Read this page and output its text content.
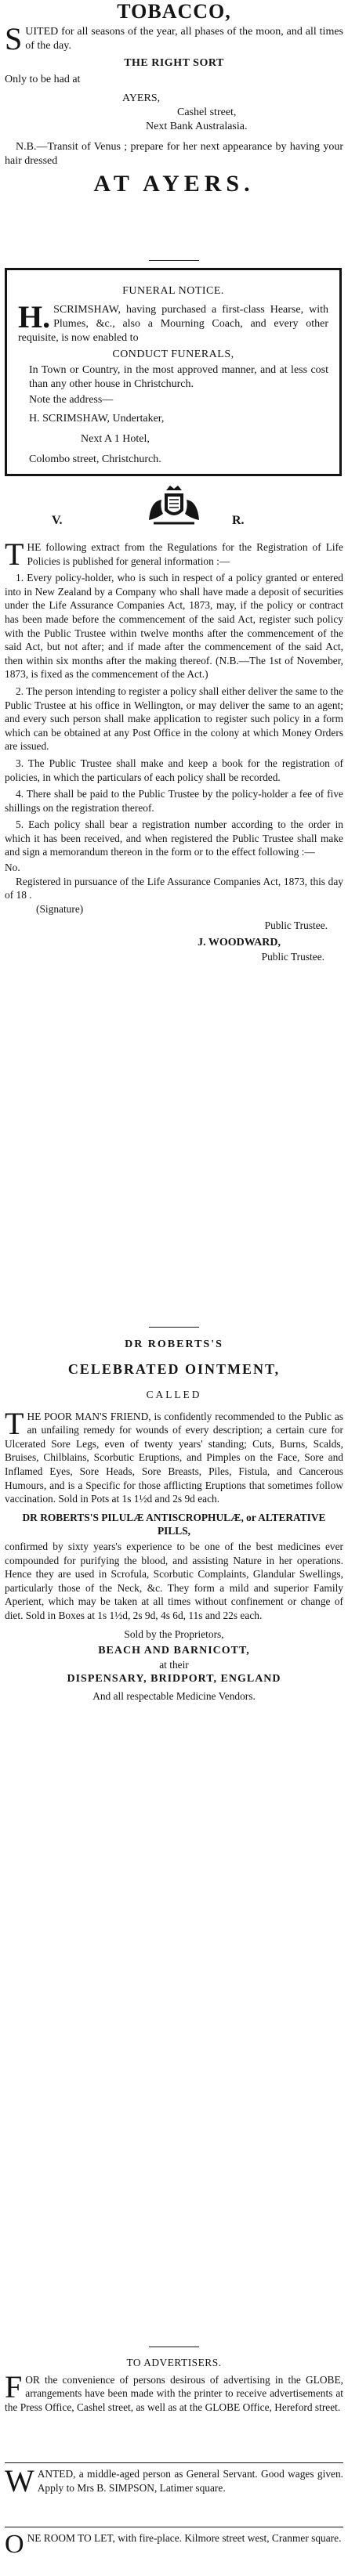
TOBACCO,

SUITED for all seasons of the year, all phases of the moon, and all times of the day.

THE RIGHT SORT

Only to be had at

AYERS,

Cashel street,

Next Bank Australasia.

N.B.—Transit of Venus ; prepare for her next appearance by having your hair dressed

AT AYERS.

FUNERAL NOTICE.

H. SCRIMSHAW, having purchased a first-class Hearse, with Plumes, &c., also a Mourning Coach, and every other requisite, is now enabled to

CONDUCT FUNERALS,

In Town or Country, in the most approved manner, and at less cost than any other house in Christchurch.

Note the address—

H. SCRIMSHAW, Undertaker,

Next A 1 Hotel,

Colombo street, Christchurch.

V.	R.

THE following extract from the Regulations for the Registration of Life Policies is published for general information :—

1. Every policy-holder, who is such in respect of a policy granted or entered into in New Zealand by a Company who shall have made a deposit of securities under the Life Assurance Companies Act, 1873, may, if the policy or contract has been made before the commencement of the said Act, register such policy with the Public Trustee within twelve months after the commencement of the said Act, but not after; and if made after the commencement of the said Act, then within six months after the making thereof. (N.B.—The 1st of November, 1873, is fixed as the commencement of the Act.)

2. The person intending to register a policy shall either deliver the same to the Public Trustee at his office in Wellington, or may deliver the same to an agent; and every such person shall make application to register such policy in a form which can be obtained at any Post Office in the colony at which Money Orders are issued.

3. The Public Trustee shall make and keep a book for the registration of policies, in which the particulars of each policy shall be recorded.

4. There shall be paid to the Public Trustee by the policy-holder a fee of five shillings on the registration thereof.

5. Each policy shall bear a registration number according to the order in which it has been received, and when registered the Public Trustee shall make and sign a memorandum thereon in the form or to the effect following :—

No.

Registered in pursuance of the Life Assurance Companies Act, 1873, this day of 18 .

(Signature)

Public Trustee.

J. WOODWARD,

Public Trustee.

DR ROBERTS'S

CELEBRATED OINTMENT,

CALLED

THE POOR MAN'S FRIEND, is confidently recommended to the Public as an unfailing remedy for wounds of every description; a certain cure for Ulcerated Sore Legs, even of twenty years' standing; Cuts, Burns, Scalds, Bruises, Chilblains, Scorbutic Eruptions, and Pimples on the Face, Sore and Inflamed Eyes, Sore Heads, Sore Breasts, Piles, Fistula, and Cancerous Humours, and is a Specific for those afflicting Eruptions that sometimes follow vaccination. Sold in Pots at 1s 1½d and 2s 9d each.

DR ROBERTS'S PILULÆ ANTISCROPHULÆ, or ALTERATIVE PILLS,

confirmed by sixty years's experience to be one of the best medicines ever compounded for purifying the blood, and assisting Nature in her operations. Hence they are used in Scrofula, Scorbutic Complaints, Glandular Swellings, particularly those of the Neck, &c. They form a mild and superior Family Aperient, which may be taken at all times without confinement or change of diet. Sold in Boxes at 1s 1½d, 2s 9d, 4s 6d, 11s and 22s each.

Sold by the Proprietors,

BEACH AND BARNICOTT,

at their

DISPENSARY, BRIDPORT, ENGLAND

And all respectable Medicine Vendors.

TO ADVERTISERS.

FOR the convenience of persons desirous of advertising in the GLOBE, arrangements have been made with the printer to receive advertisements at the Press Office, Cashel street, as well as at the GLOBE Office, Hereford street.

WANTED, a middle-aged person as General Servant. Good wages given. Apply to Mrs B. SIMPSON, Latimer square.

ONE ROOM TO LET, with fire-place. Kilmore street west, Cranmer square.
